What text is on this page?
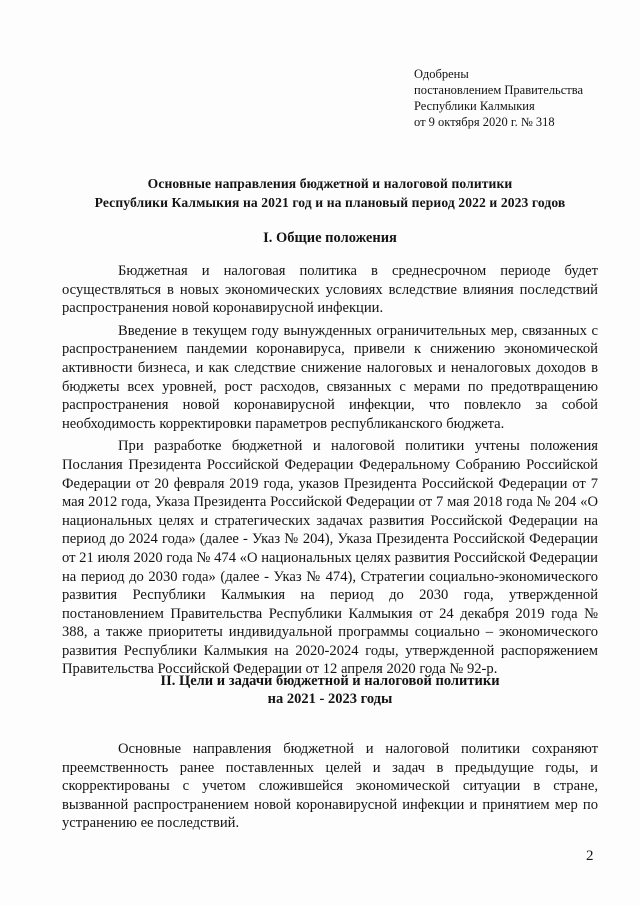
Одобрены
постановлением Правительства
Республики Калмыкия
от 9 октября 2020 г. № 318
Основные направления бюджетной и налоговой политики
Республики Калмыкия на 2021 год и на плановый период 2022 и 2023 годов
I. Общие положения

Бюджетная и налоговая политика в среднесрочном периоде будет осуществляться в новых экономических условиях вследствие влияния последствий распространения новой коронавирусной инфекции.

Введение в текущем году вынужденных ограничительных мер, связанных с распространением пандемии коронавируса, привели к снижению экономической активности бизнеса, и как следствие снижение налоговых и неналоговых доходов в бюджеты всех уровней, рост расходов, связанных с мерами по предотвращению распространения новой коронавирусной инфекции, что повлекло за собой необходимость корректировки параметров республиканского бюджета.

При разработке бюджетной и налоговой политики учтены положения Послания Президента Российской Федерации Федеральному Собранию Российской Федерации от 20 февраля 2019 года, указов Президента Российской Федерации от 7 мая 2012 года, Указа Президента Российской Федерации от 7 мая 2018 года № 204 «О национальных целях и стратегических задачах развития Российской Федерации на период до 2024 года» (далее - Указ № 204), Указа Президента Российской Федерации от 21 июля 2020 года № 474 «О национальных целях развития Российской Федерации на период до 2030 года» (далее - Указ № 474), Стратегии социально-экономического развития Республики Калмыкия на период до 2030 года, утвержденной постановлением Правительства Республики Калмыкия от 24 декабря 2019 года № 388, а также приоритеты индивидуальной программы социально – экономического развития Республики Калмыкия на 2020-2024 годы, утвержденной распоряжением Правительства Российской Федерации от 12 апреля 2020 года № 92-р.

II. Цели и задачи бюджетной и налоговой политики
на 2021 - 2023 годы

Основные направления бюджетной и налоговой политики сохраняют преемственность ранее поставленных целей и задач в предыдущие годы, и скорректированы с учетом сложившейся экономической ситуации в стране, вызванной распространением новой коронавирусной инфекции и принятием мер по устранению ее последствий.

2
